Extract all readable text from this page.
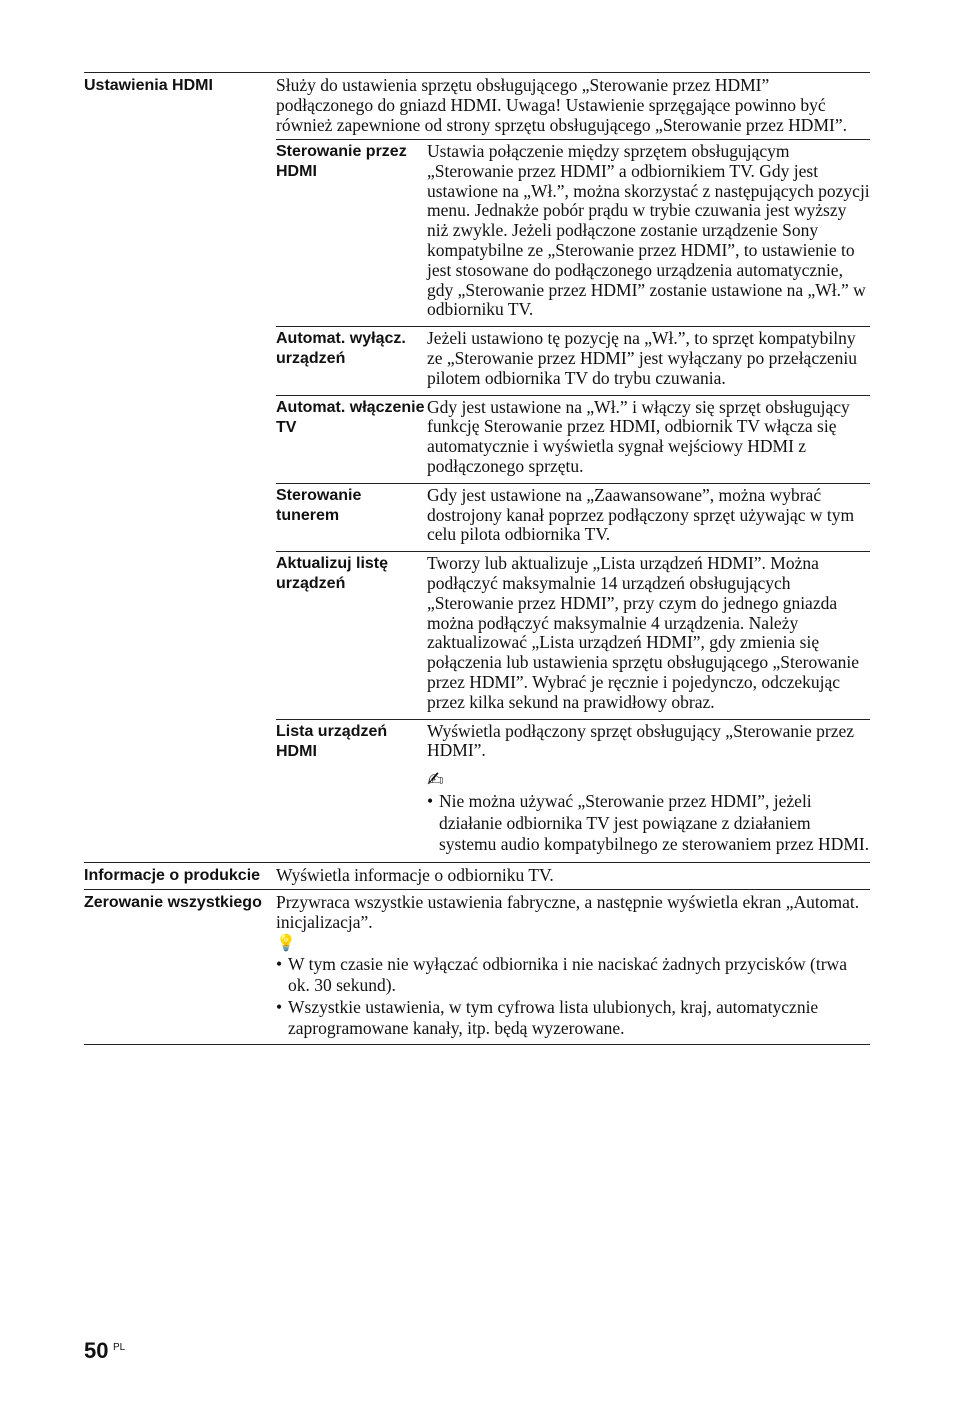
Ustawienia HDMI	Służy do ustawienia sprzętu obsługującego „Sterowanie przez HDMI” podłączonego do gniazd HDMI. Uwaga! Ustawienie sprzęgające powinno być również zapewnione od strony sprzętu obsługującego „Sterowanie przez HDMI”.
Sterowanie przez HDMI
Ustawia połączenie między sprzętem obsługującym „Sterowanie przez HDMI” a odbiornikiem TV. Gdy jest ustawione na „Wł.”, można skorzystać z następujących pozycji menu. Jednakże pobór prądu w trybie czuwania jest wyższy niż zwykle. Jeżeli podłączone zostanie urządzenie Sony kompatybilne ze „Sterowanie przez HDMI”, to ustawienie to jest stosowane do podłączonego urządzenia automatycznie, gdy „Sterowanie przez HDMI” zostanie ustawione na „Wł.” w odbiorniku TV.
Automat. wyłącz. urządzeń
Jeżeli ustawiono tę pozycję na „Wł.”, to sprzęt kompatybilny ze „Sterowanie przez HDMI” jest wyłączany po przełączeniu pilotem odbiornika TV do trybu czuwania.
Automat. włączenie TV
Gdy jest ustawione na „Wł.” i włączy się sprzęt obsługujący funkcję Sterowanie przez HDMI, odbiornik TV włącza się automatycznie i wyświetla sygnał wejściowy HDMI z podłączonego sprzętu.
Sterowanie tunerem
Gdy jest ustawione na „Zaawansowane”, można wybrać dostrojony kanał poprzez podłączony sprzęt używając w tym celu pilota odbiornika TV.
Aktualizuj listę urządzeń
Tworzy lub aktualizuje „Lista urządzeń HDMI”. Można podłączyć maksymalnie 14 urządzeń obsługujących „Sterowanie przez HDMI”, przy czym do jednego gniazda można podłączyć maksymalnie 4 urządzenia. Należy zaktualizować „Lista urządzeń HDMI”, gdy zmienia się połączenia lub ustawienia sprzętu obsługującego „Sterowanie przez HDMI”. Wybrać je ręcznie i pojedynczo, odczekując przez kilka sekund na prawidłowy obraz.
Lista urządzeń HDMI
Wyświetla podłączony sprzęt obsługujący „Sterowanie przez HDMI”.
✍
• Nie można używać „Sterowanie przez HDMI”, jeżeli działanie odbiornika TV jest powiązane z działaniem systemu audio kompatybilnego ze sterowaniem przez HDMI.
Informacje o produkcie Wyświetla informacje o odbiorniku TV.
Zerowanie wszystkiego Przywraca wszystkie ustawienia fabryczne, a następnie wyświetla ekran „Automat. inicjalizacja”.
💡
• W tym czasie nie wyłączać odbiornika i nie naciskać żadnych przycisków (trwa ok. 30 sekund).
• Wszystkie ustawienia, w tym cyfrowa lista ulubionych, kraj, automatycznie zaprogramowane kanały, itp. będą wyzerowane.
50 PL
